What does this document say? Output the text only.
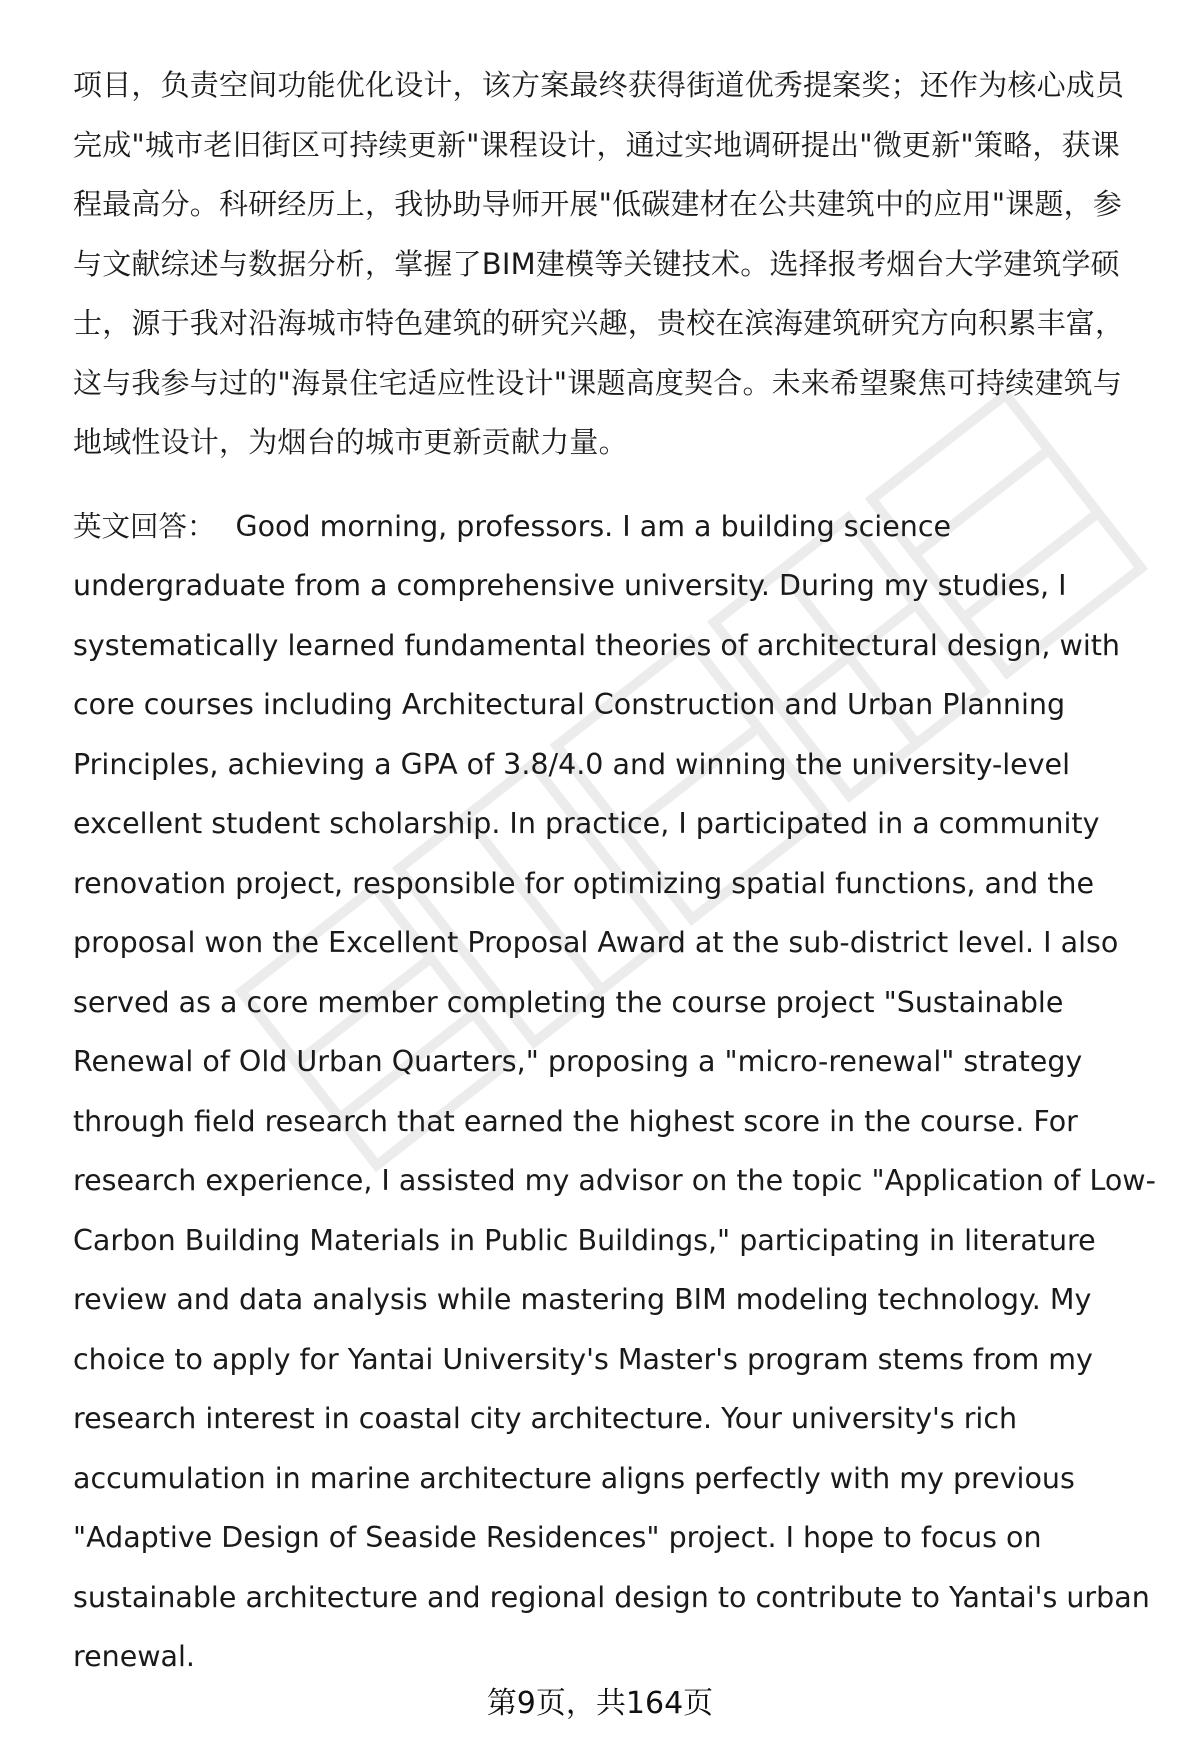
项目，负责空间功能优化设计，该方案最终获得街道优秀提案奖；还作为核心成员
完成"城市老旧街区可持续更新"课程设计，通过实地调研提出"微更新"策略，获课
程最高分。科研经历上，我协助导师开展"低碳建材在公共建筑中的应用"课题，参
与文献综述与数据分析，掌握了BIM建模等关键技术。选择报考烟台大学建筑学硕
士，源于我对沿海城市特色建筑的研究兴趣，贵校在滨海建筑研究方向积累丰富，
这与我参与过的"海景住宅适应性设计"课题高度契合。未来希望聚焦可持续建筑与
地域性设计，为烟台的城市更新贡献力量。
英文回答： Good morning, professors. I am a building science
undergraduate from a comprehensive university. During my studies, I
systematically learned fundamental theories of architectural design, with
core courses including Architectural Construction and Urban Planning
Principles, achieving a GPA of 3.8/4.0 and winning the university-level
excellent student scholarship. In practice, I participated in a community
renovation project, responsible for optimizing spatial functions, and the
proposal won the Excellent Proposal Award at the sub-district level. I also
served as a core member completing the course project "Sustainable
Renewal of Old Urban Quarters," proposing a "micro-renewal" strategy
through field research that earned the highest score in the course. For
research experience, I assisted my advisor on the topic "Application of Low-
Carbon Building Materials in Public Buildings," participating in literature
review and data analysis while mastering BIM modeling technology. My
choice to apply for Yantai University's Master's program stems from my
research interest in coastal city architecture. Your university's rich
accumulation in marine architecture aligns perfectly with my previous
"Adaptive Design of Seaside Residences" project. I hope to focus on
sustainable architecture and regional design to contribute to Yantai's urban
renewal.
第9页，共164页
